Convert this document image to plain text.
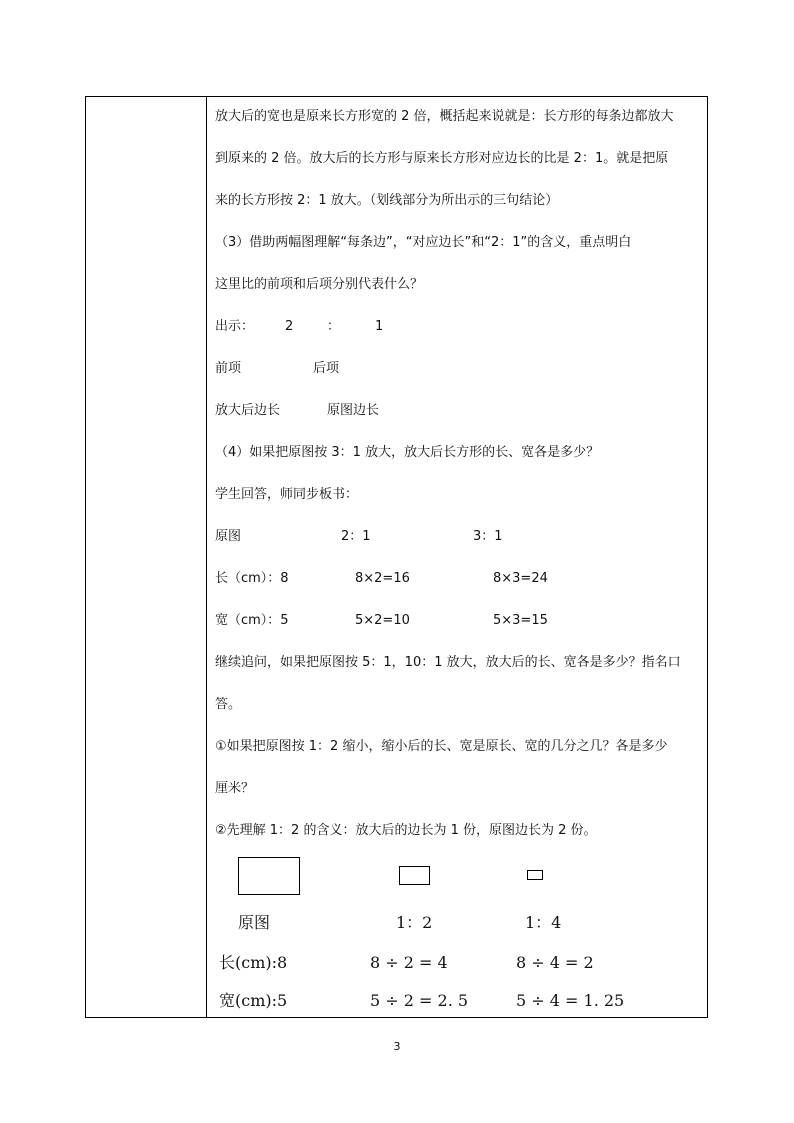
放大后的宽也是原来长方形宽的 2 倍，概括起来说就是：长方形的每条边都放大
到原来的 2 倍。放大后的长方形与原来长方形对应边长的比是 2：1。就是把原
来的长方形按 2：1 放大。（划线部分为所出示的三句结论）
（3）借助两幅图理解“每条边”，“对应边长”和“2：1”的含义，重点明白
这里比的前项和后项分别代表什么？
出示： 2	：	1
前项	后项
放大后边长	原图边长
（4）如果把原图按 3：1 放大，放大后长方形的长、宽各是多少？
学生回答，师同步板书：
原图	2：1	3：1
长（cm）：8	8×2=16	8×3=24
宽（cm）：5	5×2=10	5×3=15
继续追问，如果把原图按 5：1，10：1 放大，放大后的长、宽各是多少？指名口
答。
①如果把原图按 1：2 缩小，缩小后的长、宽是原长、宽的几分之几？各是多少
厘米？
②先理解 1：2 的含义：放大后的边长为 1 份，原图边长为 2 份。
原图	1：2	1：4
长(cm):8	8 ÷ 2 = 4	8 ÷ 4 = 2
宽(cm):5	5 ÷ 2 = 2. 5	5 ÷ 4 = 1. 25
3
